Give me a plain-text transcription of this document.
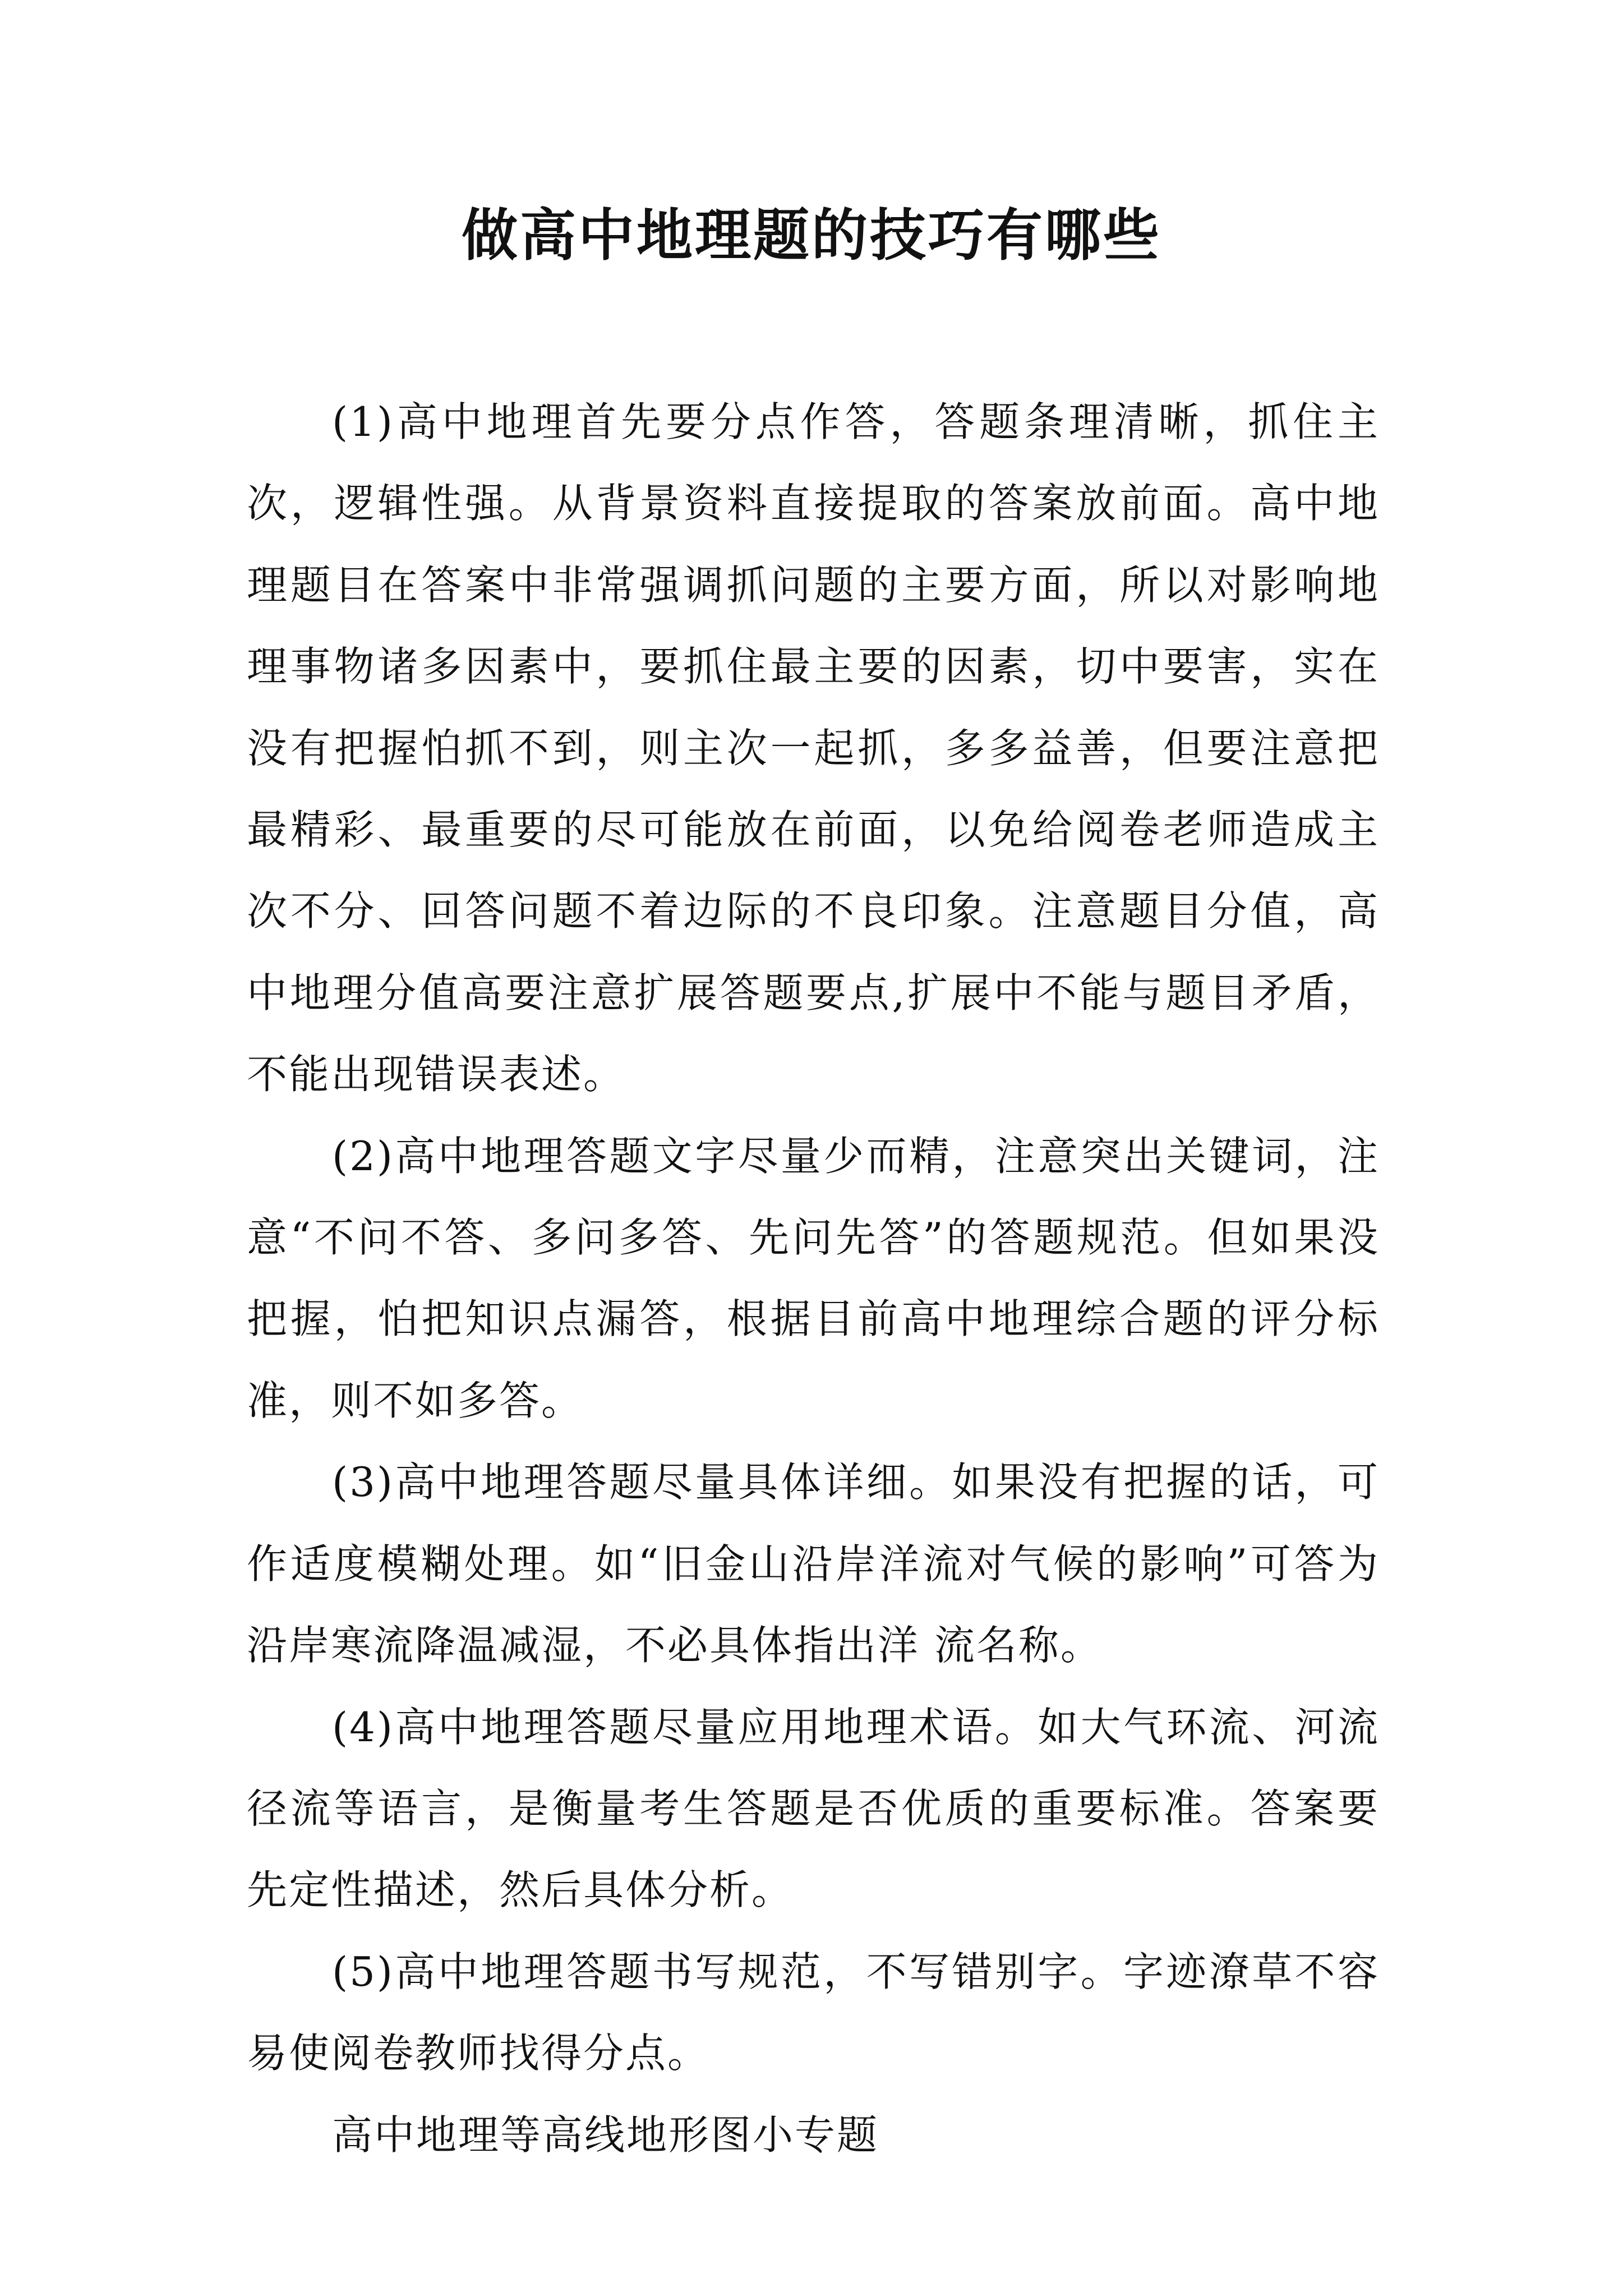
做高中地理题的技巧有哪些

(1)高中地理首先要分点作答，答题条理清晰，抓住主次，逻辑性强。从背景资料直接提取的答案放前面。高中地理题目在答案中非常强调抓问题的主要方面，所以对影响地理事物诸多因素中，要抓住最主要的因素，切中要害，实在没有把握怕抓不到，则主次一起抓，多多益善，但要注意把最精彩、最重要的尽可能放在前面，以免给阅卷老师造成主次不分、回答问题不着边际的不良印象。注意题目分值，高中地理分值高要注意扩展答题要点,扩展中不能与题目矛盾，不能出现错误表述。

(2)高中地理答题文字尽量少而精，注意突出关键词，注意“不问不答、多问多答、先问先答”的答题规范。但如果没把握，怕把知识点漏答，根据目前高中地理综合题的评分标准，则不如多答。

(3)高中地理答题尽量具体详细。如果没有把握的话，可作适度模糊处理。如“旧金山沿岸洋流对气候的影响”可答为沿岸寒流降温减湿，不必具体指出洋 流名称。

(4)高中地理答题尽量应用地理术语。如大气环流、河流径流等语言，是衡量考生答题是否优质的重要标准。答案要先定性描述，然后具体分析。

(5)高中地理答题书写规范，不写错别字。字迹潦草不容易使阅卷教师找得分点。

高中地理等高线地形图小专题
